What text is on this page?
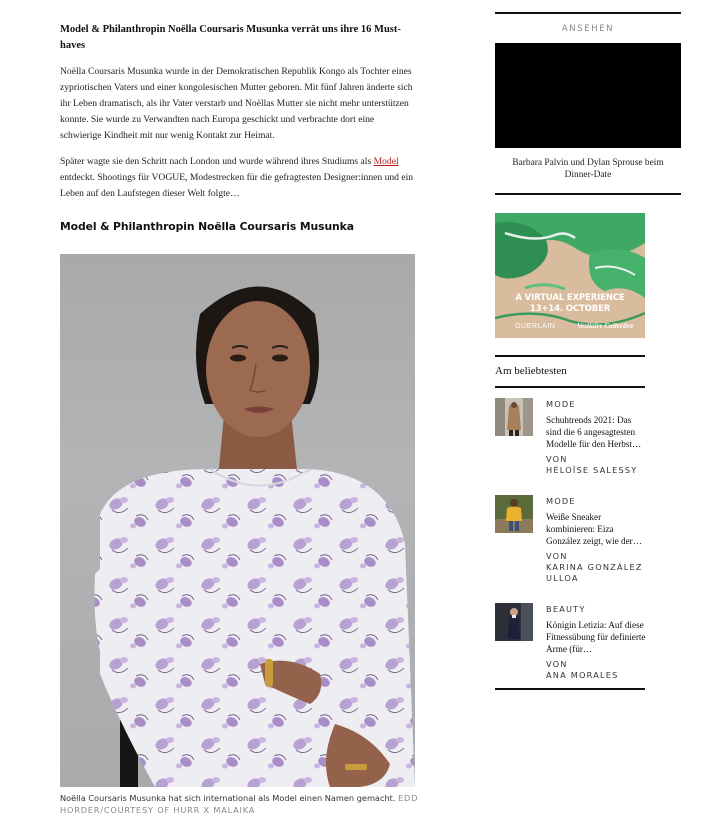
Model & Philanthropin Noëlla Coursaris Musunka verrät uns ihre 16 Must-haves

Noëlla Coursaris Musunka wurde in der Demokratischen Republik Kongo als Tochter eines zypriotischen Vaters und einer kongolesischen Mutter geboren. Mit fünf Jahren änderte sich ihr Leben dramatisch, als ihr Vater verstarb und Noëllas Mutter sie nicht mehr unterstützen konnte. Sie wurde zu Verwandten nach Europa geschickt und verbrachte dort eine schwierige Kindheit mit nur wenig Kontakt zur Heimat.

Später wagte sie den Schritt nach London und wurde während ihres Studiums als Model entdeckt. Shootings für VOGUE, Modestrecken für die gefragtesten Designer:innen und ein Leben auf den Laufstegen dieser Welt folgte…

Model & Philanthropin Noëlla Coursaris Musunka

Noëlla Coursaris Musunka hat sich international als Model einen Namen gemacht. EDD HORDER/COURTESY OF HURR X MALAIKA

ANSEHEN
Barbara Palvin und Dylan Sprouse beim Dinner-Date
A VIRTUAL EXPERIENCE
13+14. OCTOBER
GUERLAIN	Vestiaire Collective
Am beliebtesten
MODE
Schuhtrends 2021: Das sind die 6 angesagtesten Modelle für den Herbst…
VON
HÉLOÏSE SALESSY
MODE
Weiße Sneaker kombinieren: Eiza González zeigt, wie der…
VON
KARINA GONZÁLEZ ULLOA
BEAUTY
Königin Letizia: Auf diese Fitnessübung für definierte Arme (für…
VON
ANA MORALES
